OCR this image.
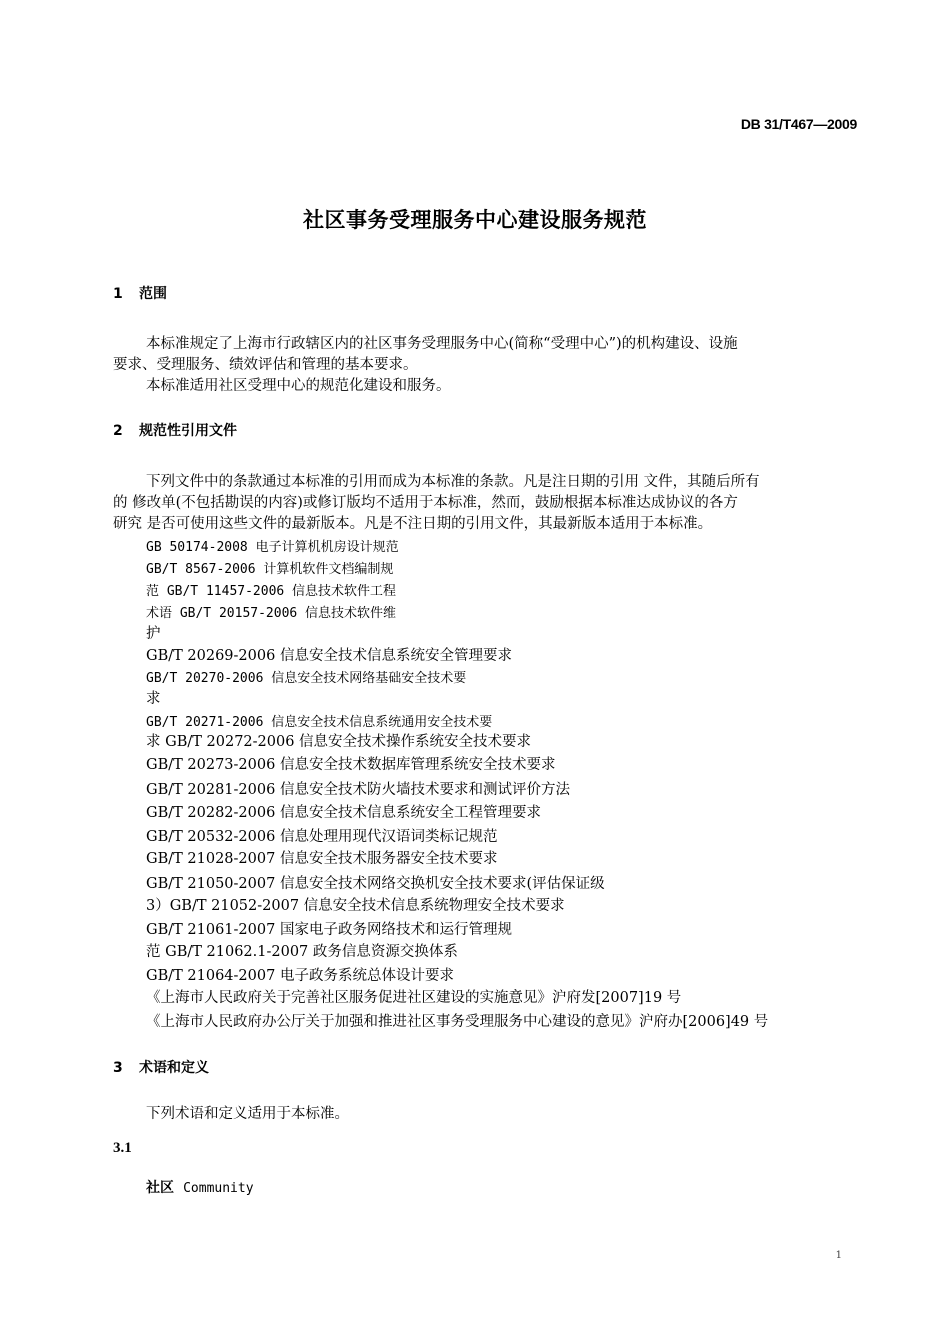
DB 31/T467—2009
社区事务受理服务中心建设服务规范
1 范围
本标准规定了上海市行政辖区内的社区事务受理服务中心(简称“受理中心”)的机构建设、设施
要求、受理服务、绩效评估和管理的基本要求。
本标准适用社区受理中心的规范化建设和服务。
2 规范性引用文件
下列文件中的条款通过本标准的引用而成为本标准的条款。凡是注日期的引用 文件，其随后所有
的 修改单(不包括勘误的内容)或修订版均不适用于本标准，然而，鼓励根据本标准达成协议的各方
研究 是否可使用这些文件的最新版本。凡是不注日期的引用文件，其最新版本适用于本标准。
GB 50174-2008 电子计算机机房设计规范
GB/T 8567-2006 计算机软件文档编制规
范 GB/T 11457-2006 信息技术软件工程
术语 GB/T 20157-2006 信息技术软件维
护
GB/T 20269-2006 信息安全技术信息系统安全管理要求
GB/T 20270-2006 信息安全技术网络基础安全技术要
求
GB/T 20271-2006 信息安全技术信息系统通用安全技术要
求 GB/T 20272-2006 信息安全技术操作系统安全技术要求
GB/T 20273-2006 信息安全技术数据库管理系统安全技术要求
GB/T 20281-2006 信息安全技术防火墙技术要求和测试评价方法
GB/T 20282-2006 信息安全技术信息系统安全工程管理要求
GB/T 20532-2006 信息处理用现代汉语词类标记规范
GB/T 21028-2007 信息安全技术服务器安全技术要求
GB/T 21050-2007 信息安全技术网络交换机安全技术要求(评估保证级
3）GB/T 21052-2007 信息安全技术信息系统物理安全技术要求
GB/T 21061-2007 国家电子政务网络技术和运行管理规
范 GB/T 21062.1-2007 政务信息资源交换体系
GB/T 21064-2007 电子政务系统总体设计要求
《上海市人民政府关于完善社区服务促进社区建设的实施意见》沪府发[2007]19 号
《上海市人民政府办公厅关于加强和推进社区事务受理服务中心建设的意见》沪府办[2006]49 号
3 术语和定义
下列术语和定义适用于本标准。
3.1
社区 Community
1
